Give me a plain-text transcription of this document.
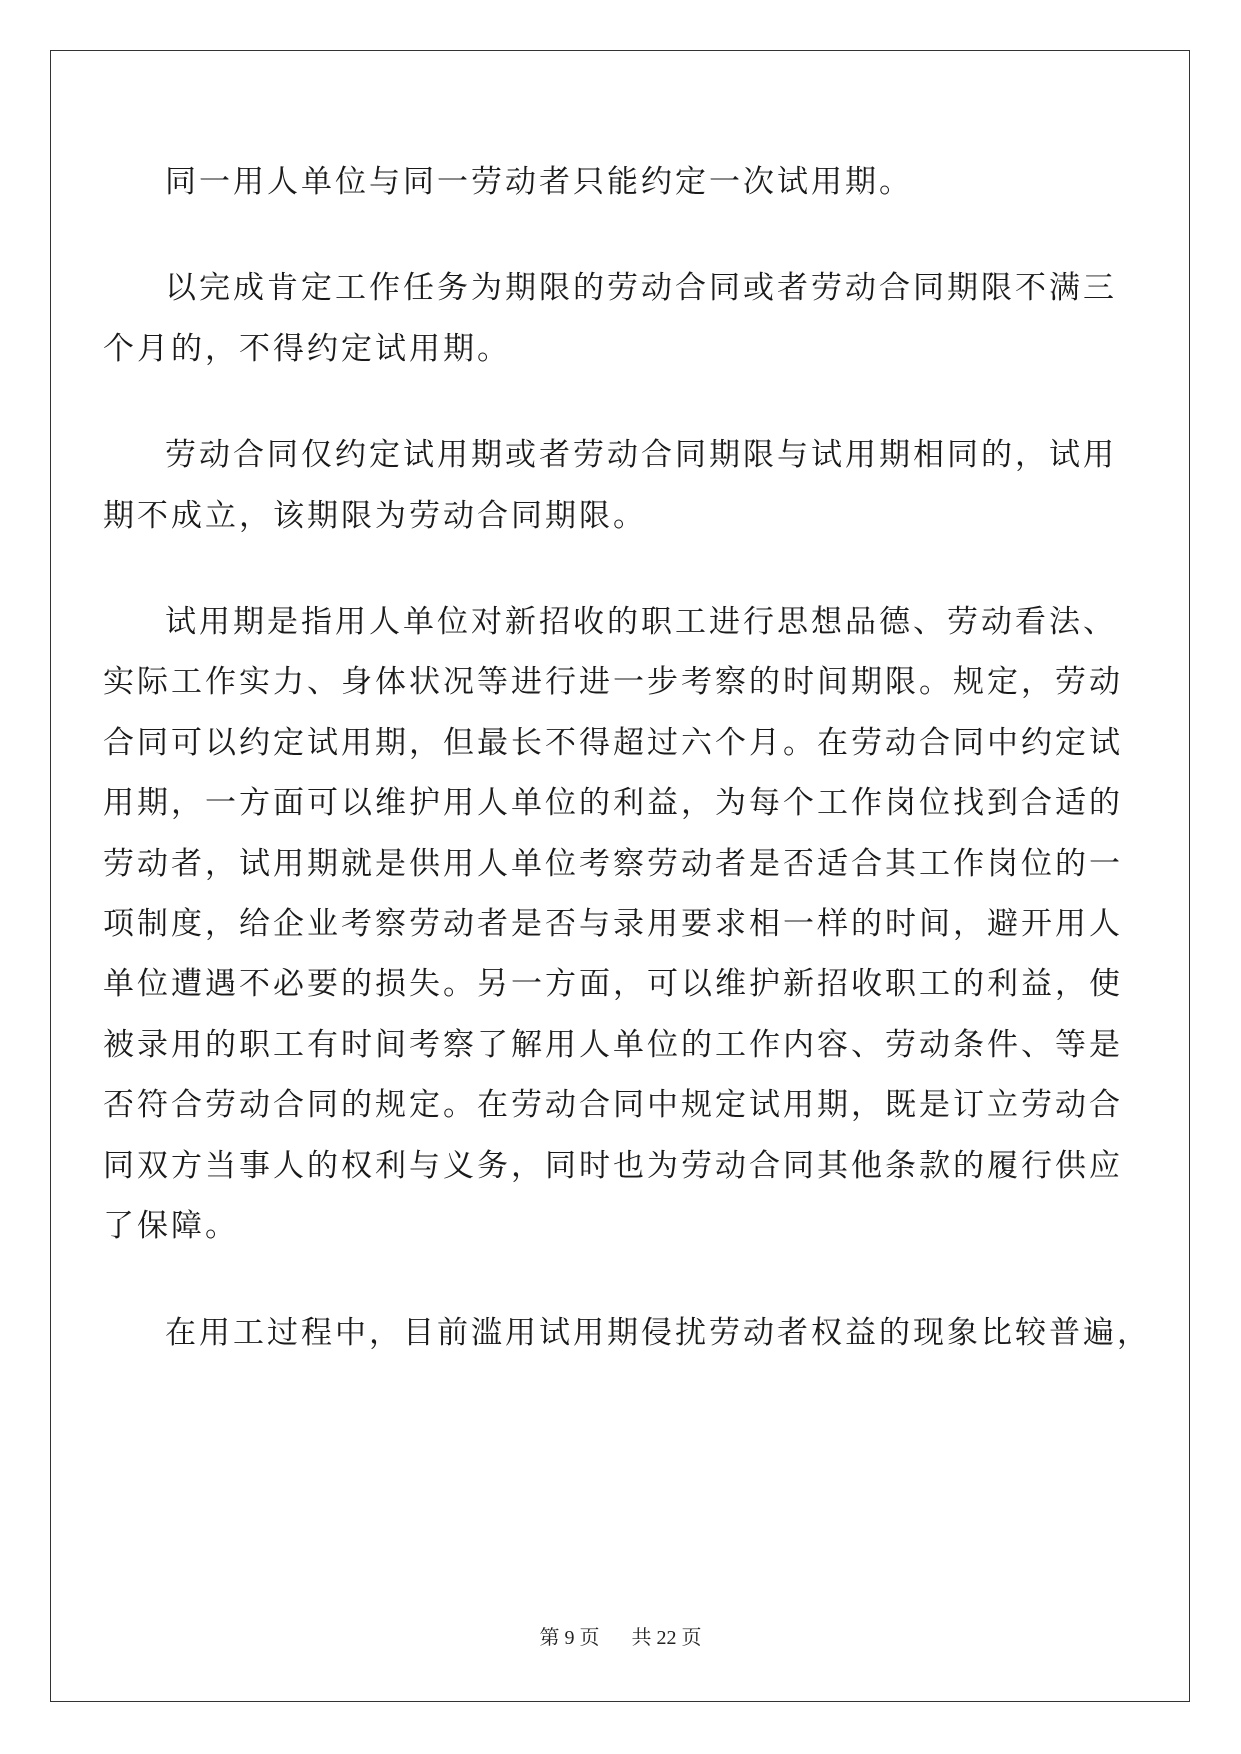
同一用人单位与同一劳动者只能约定一次试用期。

以完成肯定工作任务为期限的劳动合同或者劳动合同期限不满三
个月的，不得约定试用期。

劳动合同仅约定试用期或者劳动合同期限与试用期相同的，试用
期不成立，该期限为劳动合同期限。

试用期是指用人单位对新招收的职工进行思想品德、劳动看法、
实际工作实力、身体状况等进行进一步考察的时间期限。规定，劳动
合同可以约定试用期，但最长不得超过六个月。在劳动合同中约定试
用期，一方面可以维护用人单位的利益，为每个工作岗位找到合适的
劳动者，试用期就是供用人单位考察劳动者是否适合其工作岗位的一
项制度，给企业考察劳动者是否与录用要求相一样的时间，避开用人
单位遭遇不必要的损失。另一方面，可以维护新招收职工的利益，使
被录用的职工有时间考察了解用人单位的工作内容、劳动条件、等是
否符合劳动合同的规定。在劳动合同中规定试用期，既是订立劳动合
同双方当事人的权利与义务，同时也为劳动合同其他条款的履行供应
了保障。

在用工过程中，目前滥用试用期侵扰劳动者权益的现象比较普遍，

第 9 页 共 22 页
